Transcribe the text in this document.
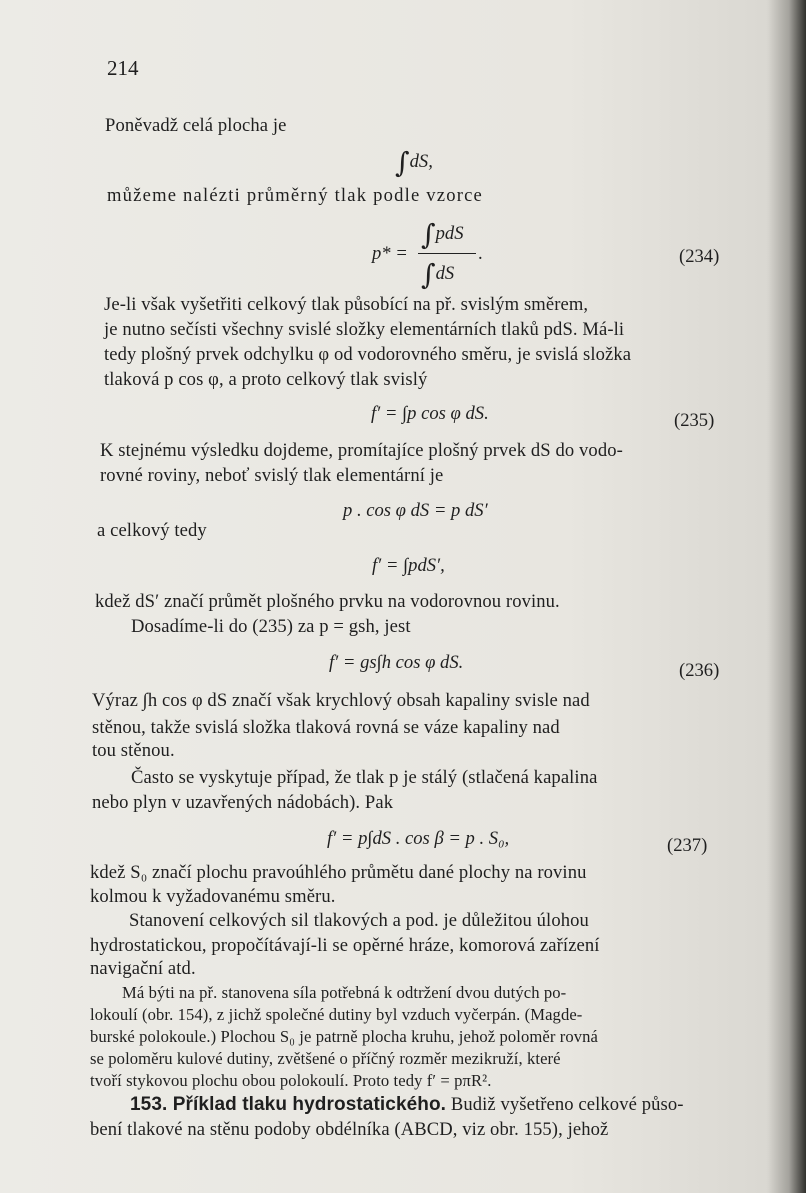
214
Poněvadž celá plocha je
∫dS,
můžeme nalézti průměrný tlak podle vzorce
p* =
∫pdS
∫dS
.	(234)
Je-li však vyšetřiti celkový tlak působící na př. svislým směrem,
je nutno sečísti všechny svislé složky elementárních tlaků pdS. Má-li
tedy plošný prvek odchylku φ od vodorovného směru, je svislá složka
tlaková p cos φ, a proto celkový tlak svislý
f′ = ∫p cos φ dS.	(235)
K stejnému výsledku dojdeme, promítajíce plošný prvek dS do vodo-
rovné roviny, neboť svislý tlak elementární je
p . cos φ dS = p dS′
a celkový tedy
f′ = ∫pdS′,
kdež dS′ značí průmět plošného prvku na vodorovnou rovinu.
Dosadíme-li do (235) za p = gsh, jest
f′ = gs∫h cos φ dS.	(236)
Výraz ∫h cos φ dS značí však krychlový obsah kapaliny svisle nad
stěnou, takže svislá složka tlaková rovná se váze kapaliny nad
tou stěnou.
Často se vyskytuje případ, že tlak p je stálý (stlačená kapalina
nebo plyn v uzavřených nádobách). Pak
f′ = p∫dS . cos β = p . S₀,	(237)
kdež S₀ značí plochu pravoúhlého průmětu dané plochy na rovinu
kolmou k vyžadovanému směru.
Stanovení celkových sil tlakových a pod. je důležitou úlohou
hydrostatickou, propočítávají-li se opěrné hráze, komorová zařízení
navigační atd.
Má býti na př. stanovena síla potřebná k odtržení dvou dutých po-
lokoulí (obr. 154), z jichž společné dutiny byl vzduch vyčerpán. (Magde-
burské polokoule.) Plochou S₀ je patrně plocha kruhu, jehož poloměr rovná
se poloměru kulové dutiny, zvětšené o příčný rozměr mezikruží, které
tvoří stykovou plochu obou polokoulí. Proto tedy f′ = pπR².
153. Příklad tlaku hydrostatického. Budiž vyšetřeno celkové půso-
bení tlakové na stěnu podoby obdélníka (ABCD, viz obr. 155), jehož
